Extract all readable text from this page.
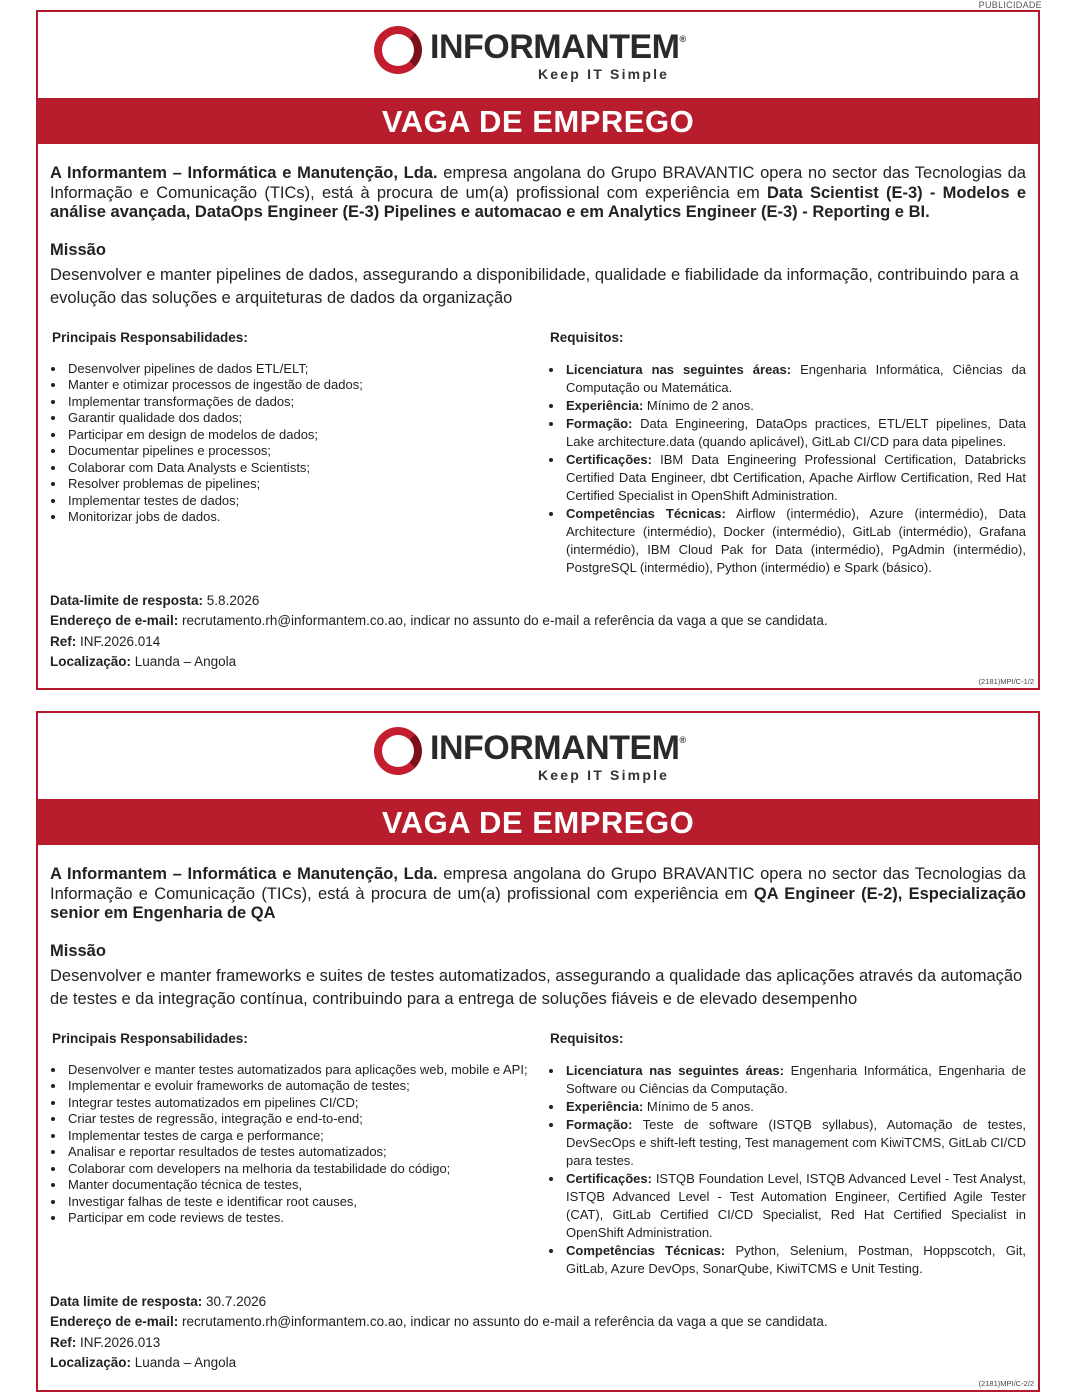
PUBLICIDADE
INFORMANTEM®
Keep IT Simple
VAGA DE EMPREGO

A Informantem – Informática e Manutenção, Lda. empresa angolana do Grupo BRAVANTIC opera no sector das Tecnologias da Informação e Comunicação (TICs), está à procura de um(a) profissional com experiência em Data Scientist (E-3) - Modelos e análise avançada, DataOps Engineer (E-3) Pipelines e automacao e em Analytics Engineer (E-3) - Reporting e BI.

Missão

Desenvolver e manter pipelines de dados, assegurando a disponibilidade, qualidade e fiabilidade da informação, contribuindo para a evolução das soluções e arquiteturas de dados da organização

Principais Responsabilidades:
• Desenvolver pipelines de dados ETL/ELT;
• Manter e otimizar processos de ingestão de dados;
• Implementar transformações de dados;
• Garantir qualidade dos dados;
• Participar em design de modelos de dados;
• Documentar pipelines e processos;
• Colaborar com Data Analysts e Scientists;
• Resolver problemas de pipelines;
• Implementar testes de dados;
• Monitorizar jobs de dados.
Requisitos:
• Licenciatura nas seguintes áreas: Engenharia Informática, Ciências da Computação ou Matemática.
• Experiência: Mínimo de 2 anos.
• Formação: Data Engineering, DataOps practices, ETL/ELT pipelines, Data Lake architecture.data (quando aplicável), GitLab CI/CD para data pipelines.
• Certificações: IBM Data Engineering Professional Certification, Databricks Certified Data Engineer, dbt Certification, Apache Airflow Certification, Red Hat Certified Specialist in OpenShift Administration.
• Competências Técnicas: Airflow (intermédio), Azure (intermédio), Data Architecture (intermédio), Docker (intermédio), GitLab (intermédio), Grafana (intermédio), IBM Cloud Pak for Data (intermédio), PgAdmin (intermédio), PostgreSQL (intermédio), Python (intermédio) e Spark (básico).
Data-limite de resposta: 5.8.2026
Endereço de e-mail: recrutamento.rh@informantem.co.ao, indicar no assunto do e-mail a referência da vaga a que se candidata.
Ref: INF.2026.014
Localização: Luanda – Angola
(2181)MPI/C-1/2
INFORMANTEM®
Keep IT Simple
VAGA DE EMPREGO

A Informantem – Informática e Manutenção, Lda. empresa angolana do Grupo BRAVANTIC opera no sector das Tecnologias da Informação e Comunicação (TICs), está à procura de um(a) profissional com experiência em QA Engineer (E-2), Especialização senior em Engenharia de QA

Missão

Desenvolver e manter frameworks e suites de testes automatizados, assegurando a qualidade das aplicações através da automação de testes e da integração contínua, contribuindo para a entrega de soluções fiáveis e de elevado desempenho

Principais Responsabilidades:
• Desenvolver e manter testes automatizados para aplicações web, mobile e API;
• Implementar e evoluir frameworks de automação de testes;
• Integrar testes automatizados em pipelines CI/CD;
• Criar testes de regressão, integração e end-to-end;
• Implementar testes de carga e performance;
• Analisar e reportar resultados de testes automatizados;
• Colaborar com developers na melhoria da testabilidade do código;
• Manter documentação técnica de testes,
• Investigar falhas de teste e identificar root causes,
• Participar em code reviews de testes.
Requisitos:
• Licenciatura nas seguintes áreas: Engenharia Informática, Engenharia de Software ou Ciências da Computação.
• Experiência: Mínimo de 5 anos.
• Formação: Teste de software (ISTQB syllabus), Automação de testes, DevSecOps e shift-left testing, Test management com KiwiTCMS, GitLab CI/CD para testes.
• Certificações: ISTQB Foundation Level, ISTQB Advanced Level - Test Analyst, ISTQB Advanced Level - Test Automation Engineer, Certified Agile Tester (CAT), GitLab Certified CI/CD Specialist, Red Hat Certified Specialist in OpenShift Administration.
• Competências Técnicas: Python, Selenium, Postman, Hoppscotch, Git, GitLab, Azure DevOps, SonarQube, KiwiTCMS e Unit Testing.
Data limite de resposta: 30.7.2026
Endereço de e-mail: recrutamento.rh@informantem.co.ao, indicar no assunto do e-mail a referência da vaga a que se candidata.
Ref: INF.2026.013
Localização: Luanda – Angola
(2181)MPI/C-2/2
